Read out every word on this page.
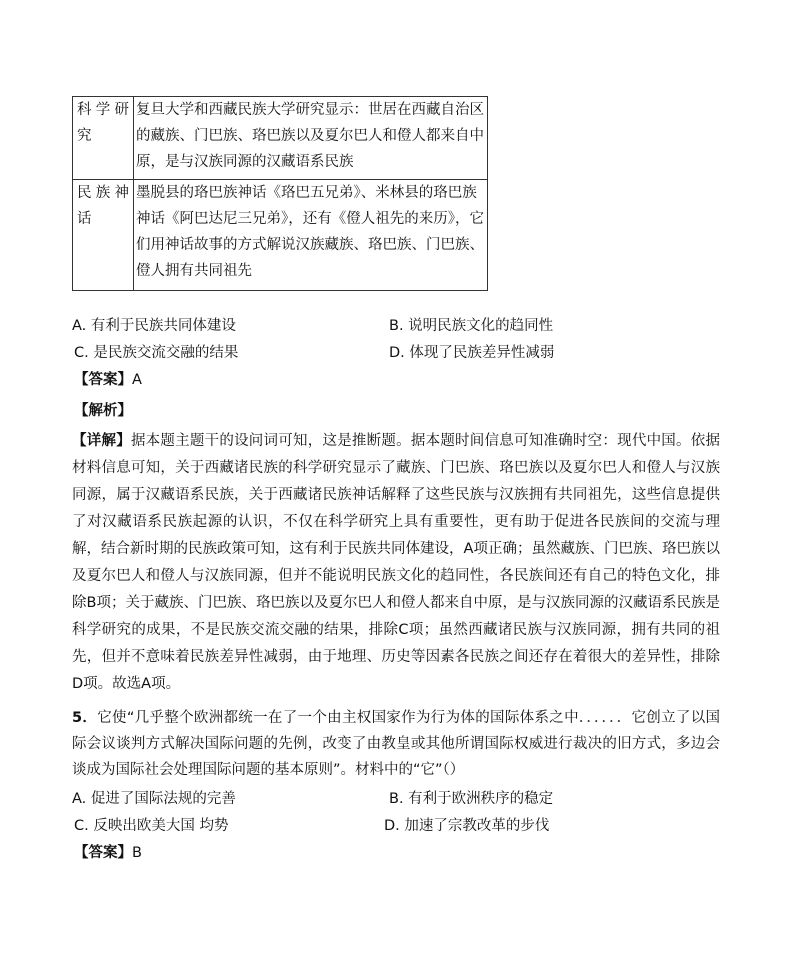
科学研究	复旦大学和西藏民族大学研究显示：世居在西藏自治区的藏族、门巴族、珞巴族以及夏尔巴人和僜人都来自中原，是与汉族同源的汉藏语系民族
民族神话	墨脱县的珞巴族神话《珞巴五兄弟》、米林县的珞巴族神话《阿巴达尼三兄弟》，还有《僜人祖先的来历》，它们用神话故事的方式解说汉族藏族、珞巴族、门巴族、僜人拥有共同祖先
A. 有利于民族共同体建设	B. 说明民族文化的趋同性
C. 是民族交流交融的结果	D. 体现了民族差异性减弱
【答案】A
【解析】
【详解】据本题主题干的设问词可知，这是推断题。据本题时间信息可知准确时空：现代中国。依据材料信息可知，关于西藏诸民族的科学研究显示了藏族、门巴族、珞巴族以及夏尔巴人和僜人与汉族同源，属于汉藏语系民族，关于西藏诸民族神话解释了这些民族与汉族拥有共同祖先，这些信息提供了对汉藏语系民族起源的认识，不仅在科学研究上具有重要性，更有助于促进各民族间的交流与理解，结合新时期的民族政策可知，这有利于民族共同体建设，A项正确；虽然藏族、门巴族、珞巴族以及夏尔巴人和僜人与汉族同源，但并不能说明民族文化的趋同性，各民族间还有自己的特色文化，排除B项；关于藏族、门巴族、珞巴族以及夏尔巴人和僜人都来自中原，是与汉族同源的汉藏语系民族是科学研究的成果，不是民族交流交融的结果，排除C项；虽然西藏诸民族与汉族同源，拥有共同的祖先，但并不意味着民族差异性减弱，由于地理、历史等因素各民族之间还存在着很大的差异性，排除D项。故选A项。
5．它使“几乎整个欧洲都统一在了一个由主权国家作为行为体的国际体系之中．．．．．．它创立了以国际会议谈判方式解决国际问题的先例，改变了由教皇或其他所谓国际权威进行裁决的旧方式，多边会谈成为国际社会处理国际问题的基本原则”。材料中的“它”（）
A. 促进了国际法规的完善	B. 有利于欧洲秩序的稳定
C. 反映出欧美大国 均势	D. 加速了宗教改革的步伐
【答案】B
